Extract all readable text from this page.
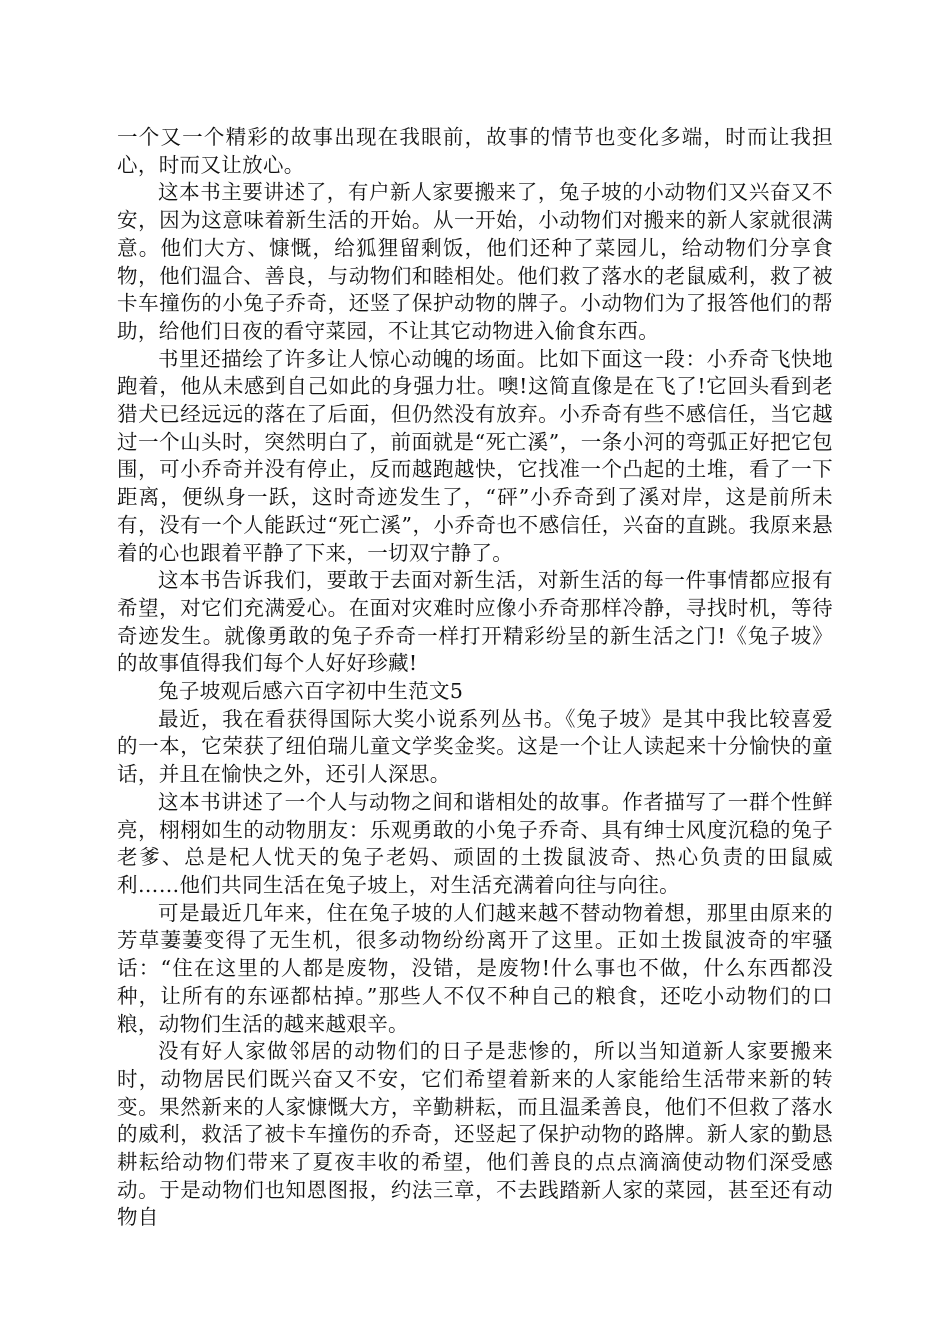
一个又一个精彩的故事出现在我眼前，故事的情节也变化多端，时而让我担心，时而又让放心。

这本书主要讲述了，有户新人家要搬来了，兔子坡的小动物们又兴奋又不安，因为这意味着新生活的开始。从一开始，小动物们对搬来的新人家就很满意。他们大方、慷慨，给狐狸留剩饭，他们还种了菜园儿，给动物们分享食物，他们温合、善良，与动物们和睦相处。他们救了落水的老鼠威利，救了被卡车撞伤的小兔子乔奇，还竖了保护动物的牌子。小动物们为了报答他们的帮助，给他们日夜的看守菜园，不让其它动物进入偷食东西。

书里还描绘了许多让人惊心动魄的场面。比如下面这一段：小乔奇飞快地跑着，他从未感到自己如此的身强力壮。噢!这简直像是在飞了!它回头看到老猎犬已经远远的落在了后面，但仍然没有放弃。小乔奇有些不感信任，当它越过一个山头时，突然明白了，前面就是“死亡溪”，一条小河的弯弧正好把它包围，可小乔奇并没有停止，反而越跑越快，它找准一个凸起的土堆，看了一下距离，便纵身一跃，这时奇迹发生了，“砰”小乔奇到了溪对岸，这是前所未有，没有一个人能跃过“死亡溪”，小乔奇也不感信任，兴奋的直跳。我原来悬着的心也跟着平静了下来，一切双宁静了。

这本书告诉我们，要敢于去面对新生活，对新生活的每一件事情都应报有希望，对它们充满爱心。在面对灾难时应像小乔奇那样冷静，寻找时机，等待奇迹发生。就像勇敢的兔子乔奇一样打开精彩纷呈的新生活之门!《兔子坡》的故事值得我们每个人好好珍藏!

兔子坡观后感六百字初中生范文5

最近，我在看获得国际大奖小说系列丛书。《兔子坡》是其中我比较喜爱的一本，它荣获了纽伯瑞儿童文学奖金奖。这是一个让人读起来十分愉快的童话，并且在愉快之外，还引人深思。

这本书讲述了一个人与动物之间和谐相处的故事。作者描写了一群个性鲜亮，栩栩如生的动物朋友：乐观勇敢的小兔子乔奇、具有绅士风度沉稳的兔子老爹、总是杞人忧天的兔子老妈、顽固的土拨鼠波奇、热心负责的田鼠威利……他们共同生活在兔子坡上，对生活充满着向往与向往。

可是最近几年来，住在兔子坡的人们越来越不替动物着想，那里由原来的芳草萋萋变得了无生机，很多动物纷纷离开了这里。正如土拨鼠波奇的牢骚话：“住在这里的人都是废物，没错，是废物!什么事也不做，什么东西都没种，让所有的东诬都枯掉。”那些人不仅不种自己的粮食，还吃小动物们的口粮，动物们生活的越来越艰辛。

没有好人家做邻居的动物们的日子是悲惨的，所以当知道新人家要搬来时，动物居民们既兴奋又不安，它们希望着新来的人家能给生活带来新的转变。果然新来的人家慷慨大方，辛勤耕耘，而且温柔善良，他们不但救了落水的威利，救活了被卡车撞伤的乔奇，还竖起了保护动物的路牌。新人家的勤恳耕耘给动物们带来了夏夜丰收的希望，他们善良的点点滴滴使动物们深受感动。于是动物们也知恩图报，约法三章，不去践踏新人家的菜园，甚至还有动物自
